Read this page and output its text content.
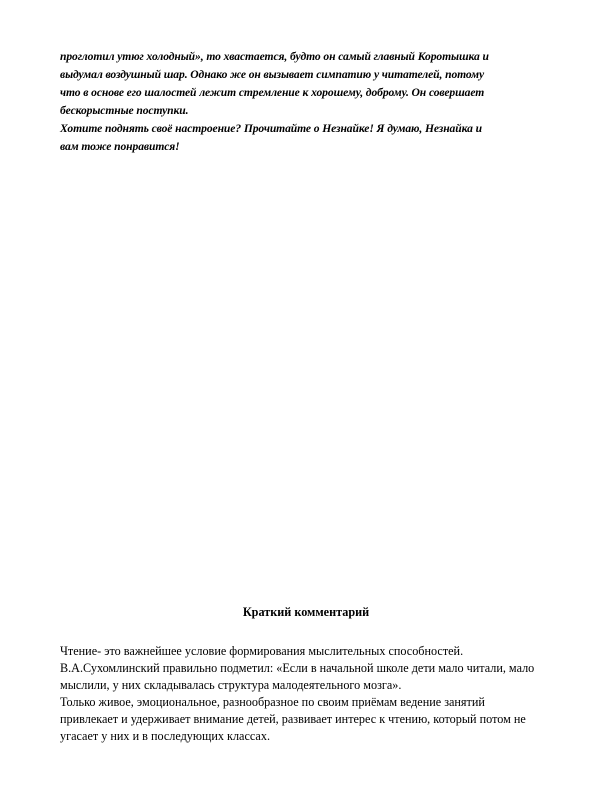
проглотил утюг холодный», то хвастается, будто он самый главный Коротышка и
выдумал воздушный шар. Однако же он вызывает симпатию у читателей, потому
что в основе его шалостей лежит стремление к хорошему, доброму. Он совершает
бескорыстные поступки.
Хотите поднять своё настроение? Прочитайте о Незнайке! Я думаю, Незнайка и
вам тоже понравится!
Краткий комментарий
Чтение- это важнейшее условие формирования мыслительных способностей.
В.А.Сухомлинский правильно подметил: «Если в начальной школе дети мало читали, мало
мыслили, у них складывалась структура малодеятельного мозга».
Только живое, эмоциональное, разнообразное по своим приёмам ведение занятий
привлекает и удерживает внимание детей, развивает интерес к чтению, который потом не
угасает у них и в последующих классах.
